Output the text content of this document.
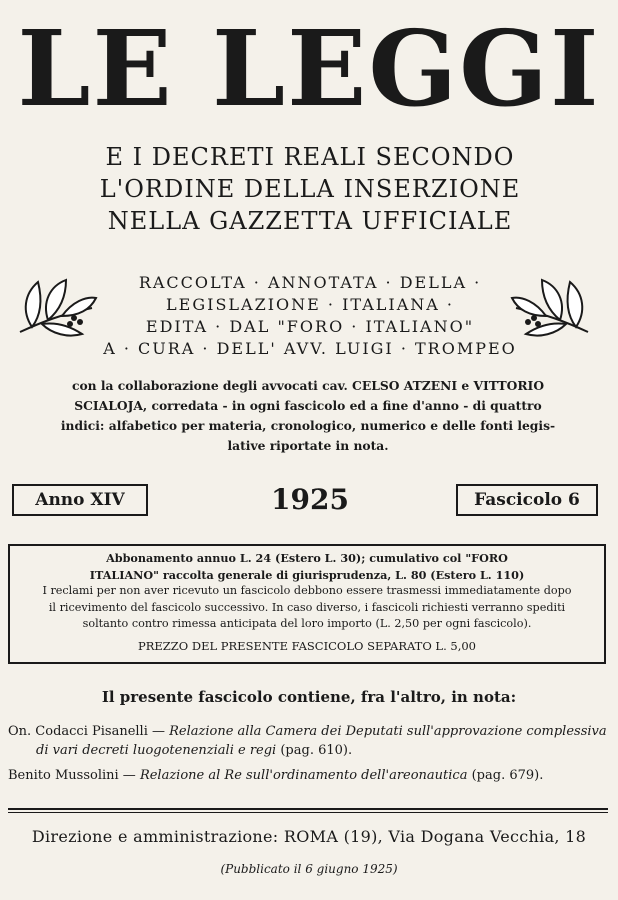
LE LEGGI
E I DECRETI REALI SECONDO
L'ORDINE DELLA INSERZIONE
NELLA GAZZETTA UFFICIALE
RACCOLTA · ANNOTATA · DELLA ·
LEGISLAZIONE · ITALIANA ·
EDITA · DAL "FORO · ITALIANO"
A · CURA · DELL' AVV. LUIGI · TROMPEO
con la collaborazione degli avvocati cav. CELSO ATZENI e VITTORIO
SCIALOJA, corredata - in ogni fascicolo ed a fine d'anno - di quattro
indici: alfabetico per materia, cronologico, numerico e delle fonti legis-
lative riportate in nota.
Anno XIV	1925	Fascicolo 6
Abbonamento annuo L. 24 (Estero L. 30); cumulativo col "FORO
ITALIANO" raccolta generale di giurisprudenza, L. 80 (Estero L. 110)
I reclami per non aver ricevuto un fascicolo debbono essere trasmessi immediatamente dopo
il ricevimento del fascicolo successivo. In caso diverso, i fascicoli richiesti verranno spediti
soltanto contro rimessa anticipata del loro importo (L. 2,50 per ogni fascicolo).
PREZZO DEL PRESENTE FASCICOLO SEPARATO L. 5,00
Il presente fascicolo contiene, fra l'altro, in nota:
On. Codacci Pisanelli — Relazione alla Camera dei Deputati sull'approvazione complessiva
di vari decreti luogotenenziali e regi (pag. 610).
Benito Mussolini — Relazione al Re sull'ordinamento dell'areonautica (pag. 679).
Direzione e amministrazione: ROMA (19), Via Dogana Vecchia, 18
(Pubblicato il 6 giugno 1925)
